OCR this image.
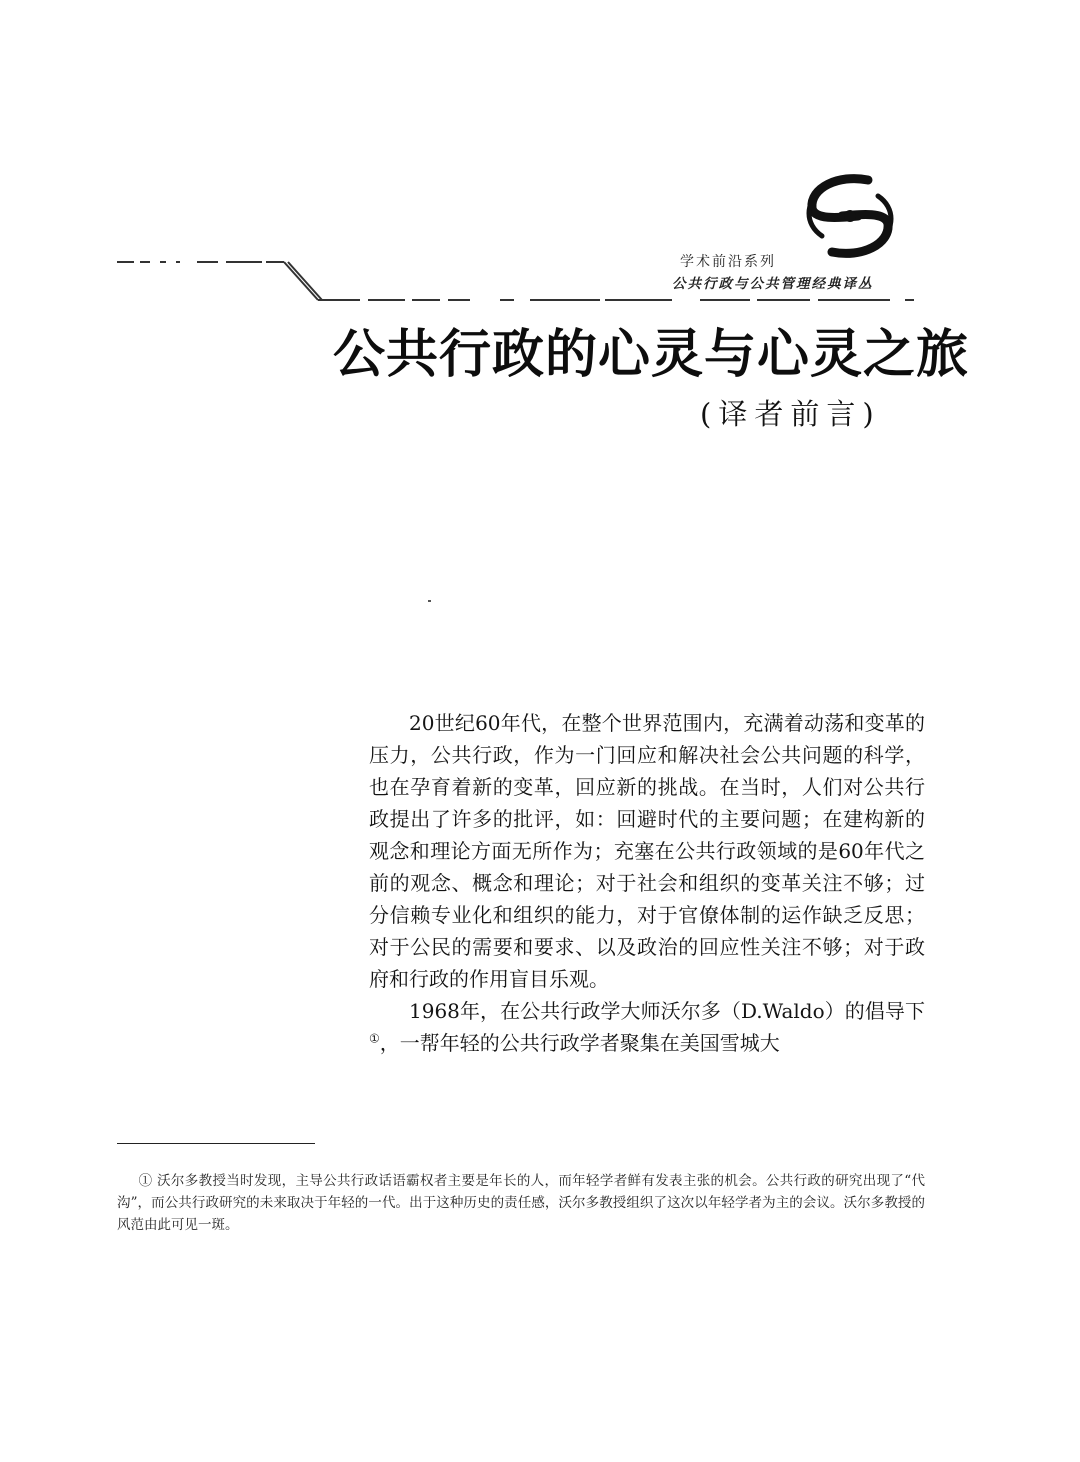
学术前沿系列
公共行政与公共管理经典译丛
公共行政的心灵与心灵之旅
(译者前言)

20世纪60年代，在整个世界范围内，充满着动荡和变革的压力，公共行政，作为一门回应和解决社会公共问题的科学，也在孕育着新的变革，回应新的挑战。在当时，人们对公共行政提出了许多的批评，如：回避时代的主要问题；在建构新的观念和理论方面无所作为；充塞在公共行政领域的是60年代之前的观念、概念和理论；对于社会和组织的变革关注不够；过分信赖专业化和组织的能力，对于官僚体制的运作缺乏反思；对于公民的需要和要求、以及政治的回应性关注不够；对于政府和行政的作用盲目乐观。

1968年，在公共行政学大师沃尔多（D.Waldo）的倡导下①，一帮年轻的公共行政学者聚集在美国雪城大

① 沃尔多教授当时发现，主导公共行政话语霸权者主要是年长的人，而年轻学者鲜有发表主张的机会。公共行政的研究出现了“代沟”，而公共行政研究的未来取决于年轻的一代。出于这种历史的责任感，沃尔多教授组织了这次以年轻学者为主的会议。沃尔多教授的风范由此可见一斑。
